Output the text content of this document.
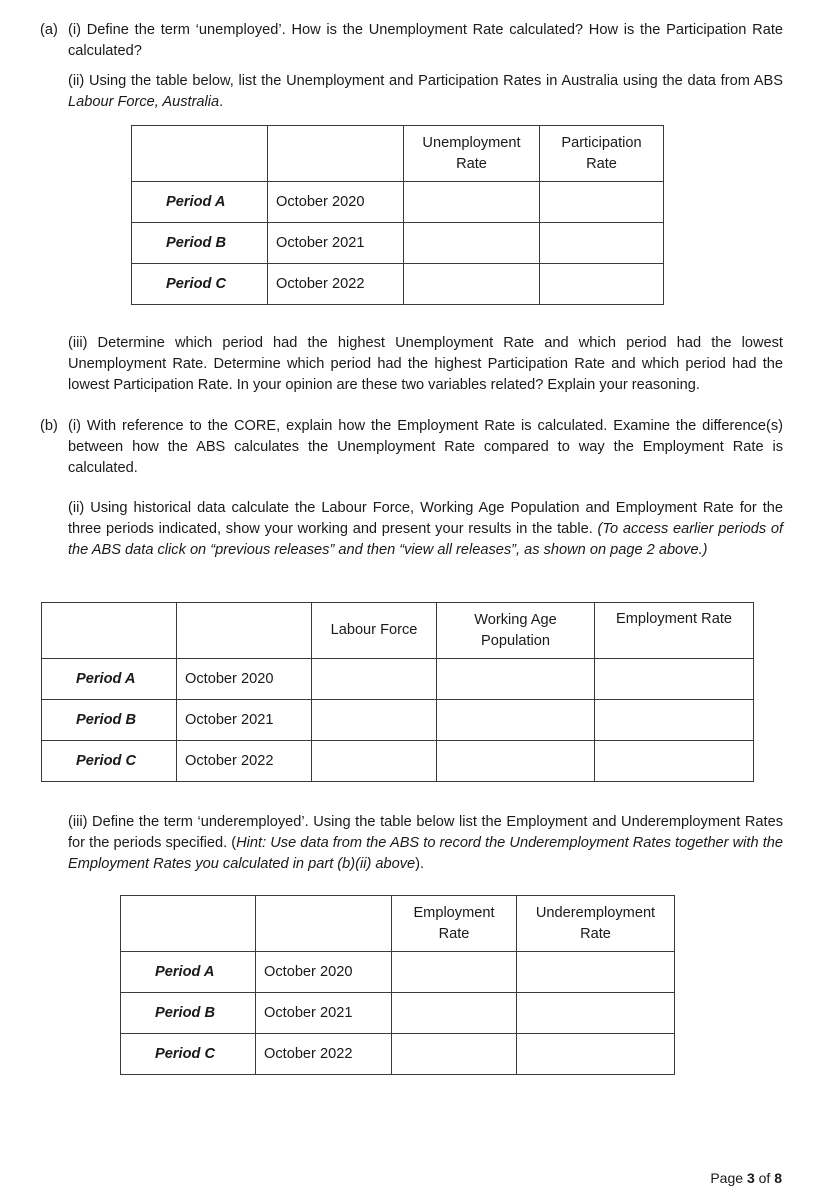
(a) (i) Define the term ‘unemployed’. How is the Unemployment Rate calculated? How is the Participation Rate calculated?
(ii) Using the table below, list the Unemployment and Participation Rates in Australia using the data from ABS Labour Force, Australia.
		Unemployment Rate	Participation Rate
Period A	October 2020		
Period B	October 2021		
Period C	October 2022		
(iii) Determine which period had the highest Unemployment Rate and which period had the lowest Unemployment Rate. Determine which period had the highest Participation Rate and which period had the lowest Participation Rate. In your opinion are these two variables related? Explain your reasoning.
(b) (i) With reference to the CORE, explain how the Employment Rate is calculated. Examine the difference(s) between how the ABS calculates the Unemployment Rate compared to way the Employment Rate is calculated.
(ii) Using historical data calculate the Labour Force, Working Age Population and Employment Rate for the three periods indicated, show your working and present your results in the table. (To access earlier periods of the ABS data click on “previous releases” and then “view all releases”, as shown on page 2 above.)
		Labour Force	Working Age Population	Employment Rate
Period A	October 2020			
Period B	October 2021			
Period C	October 2022			
(iii) Define the term ‘underemployed’. Using the table below list the Employment and Underemployment Rates for the periods specified. (Hint: Use data from the ABS to record the Underemployment Rates together with the Employment Rates you calculated in part (b)(ii) above).
		Employment Rate	Underemployment Rate
Period A	October 2020		
Period B	October 2021		
Period C	October 2022		
Page 3 of 8
